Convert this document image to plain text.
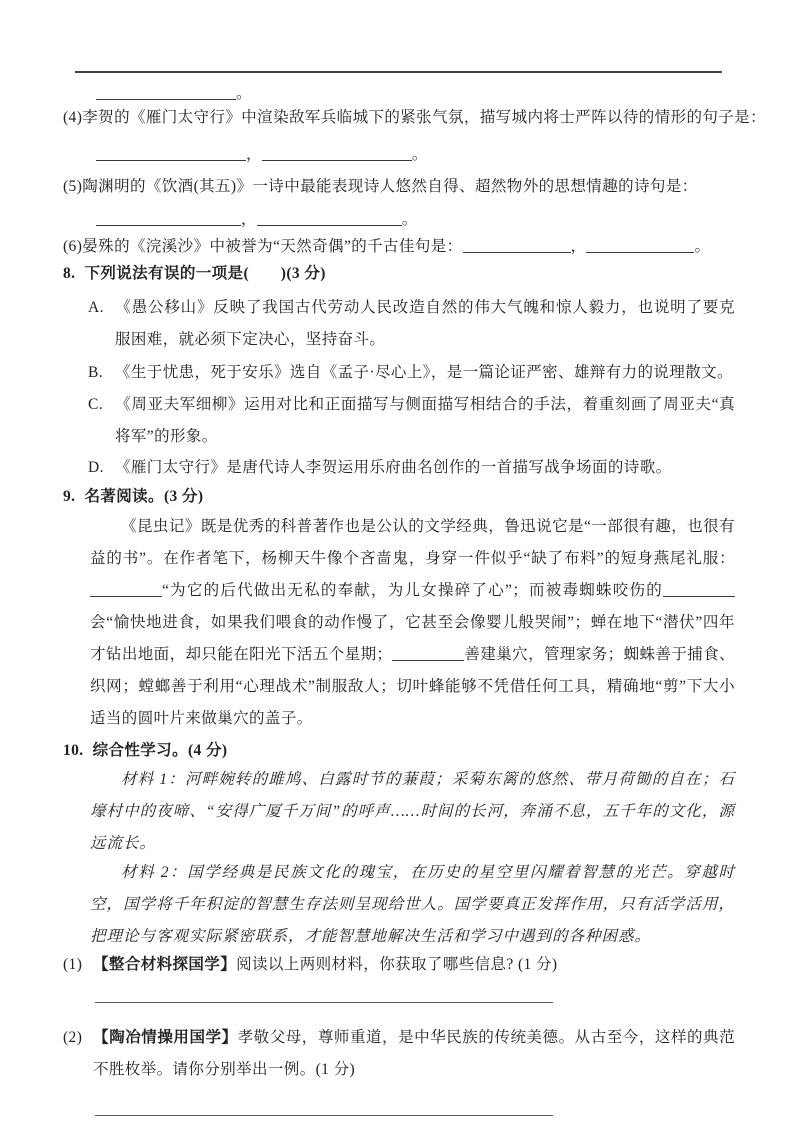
。

(4)李贺的《雁门太守行》中渲染敌军兵临城下的紧张气氛，描写城内将士严阵以待的情形的句子是：

，	。

(5)陶渊明的《饮酒(其五)》一诗中最能表现诗人悠然自得、超然物外的思想情趣的诗句是：

，	。
(6)晏殊的《浣溪沙》中被誉为“天然奇偶”的千古佳句是：	，	。

8. 下列说法有误的一项是(　　)(3 分)

A. 《愚公移山》反映了我国古代劳动人民改造自然的伟大气魄和惊人毅力，也说明了要克服困难，就必须下定决心，坚持奋斗。
B. 《生于忧患，死于安乐》选自《孟子·尽心上》，是一篇论证严密、雄辩有力的说理散文。
C. 《周亚夫军细柳》运用对比和正面描写与侧面描写相结合的手法，着重刻画了周亚夫“真将军”的形象。
D. 《雁门太守行》是唐代诗人李贺运用乐府曲名创作的一首描写战争场面的诗歌。

9. 名著阅读。(3 分)

《昆虫记》既是优秀的科普著作也是公认的文学经典，鲁迅说它是“一部很有趣，也很有益的书”。在作者笔下，杨柳天牛像个吝啬鬼，身穿一件似乎“缺了布料”的短身燕尾礼服：“为它的后代做出无私的奉献，为儿女操碎了心”；而被毒蜘蛛咬伤的会“愉快地进食，如果我们喂食的动作慢了，它甚至会像婴儿般哭闹”；蝉在地下“潜伏”四年才钻出地面，却只能在阳光下活五个星期；	善建巢穴，管理家务；蜘蛛善于捕食、织网；螳螂善于利用“心理战术”制服敌人；切叶蜂能够不凭借任何工具，精确地“剪”下大小适当的圆叶片来做巢穴的盖子。

10. 综合性学习。(4 分)

材料 1：河畔婉转的雎鸠、白露时节的蒹葭；采菊东篱的悠然、带月荷锄的自在；石壕村中的夜啼、“安得广厦千万间”的呼声……时间的长河，奔涌不息，五千年的文化，源远流长。
材料 2：国学经典是民族文化的瑰宝，在历史的星空里闪耀着智慧的光芒。穿越时空，国学将千年积淀的智慧生存法则呈现给世人。国学要真正发挥作用，只有活学活用，把理论与客观实际紧密联系，才能智慧地解决生活和学习中遇到的各种困惑。
(1) 【整合材料探国学】阅读以上两则材料，你获取了哪些信息? (1 分)
(2) 【陶冶情操用国学】孝敬父母，尊师重道，是中华民族的传统美德。从古至今，这样的典范不胜枚举。请你分别举出一例。(1 分)
